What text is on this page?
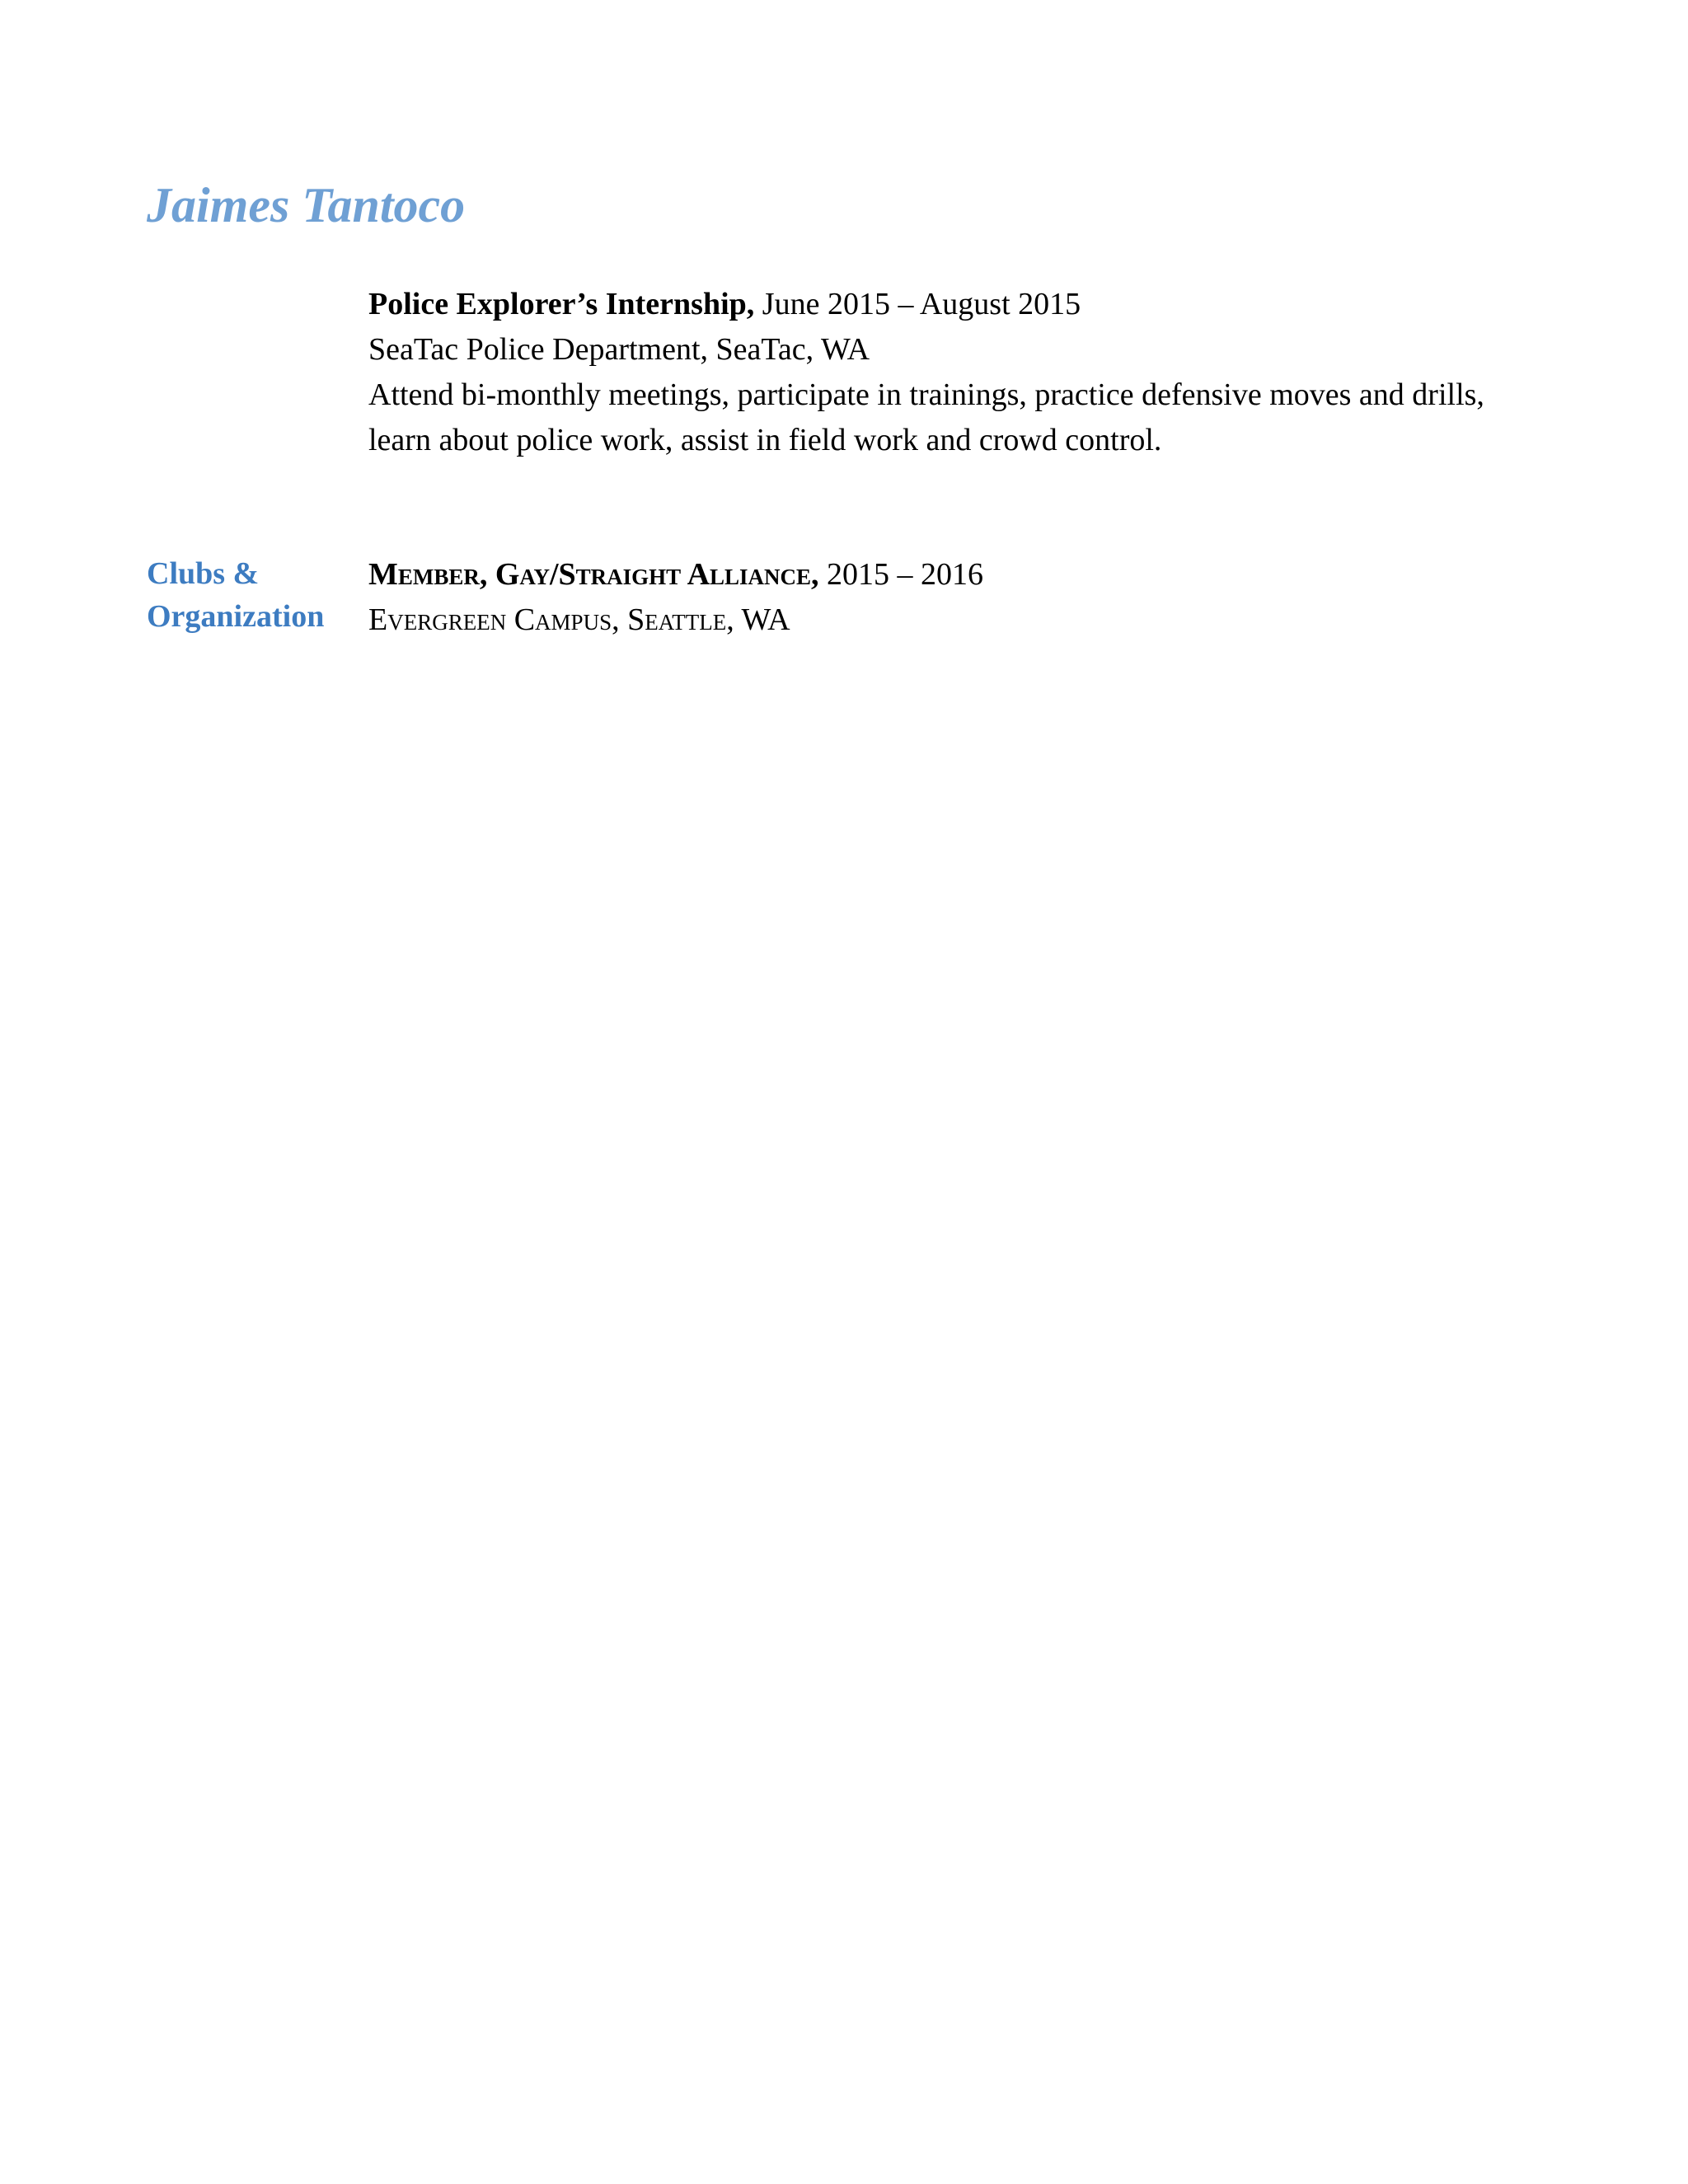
Jaimes Tantoco
Police Explorer’s Internship, June 2015 – August 2015
SeaTac Police Department, SeaTac, WA
Attend bi-monthly meetings, participate in trainings, practice defensive moves and drills, learn about police work, assist in field work and crowd control.
Clubs &
Organization
Member, Gay/Straight Alliance, 2015 – 2016
Evergreen Campus, Seattle, WA
